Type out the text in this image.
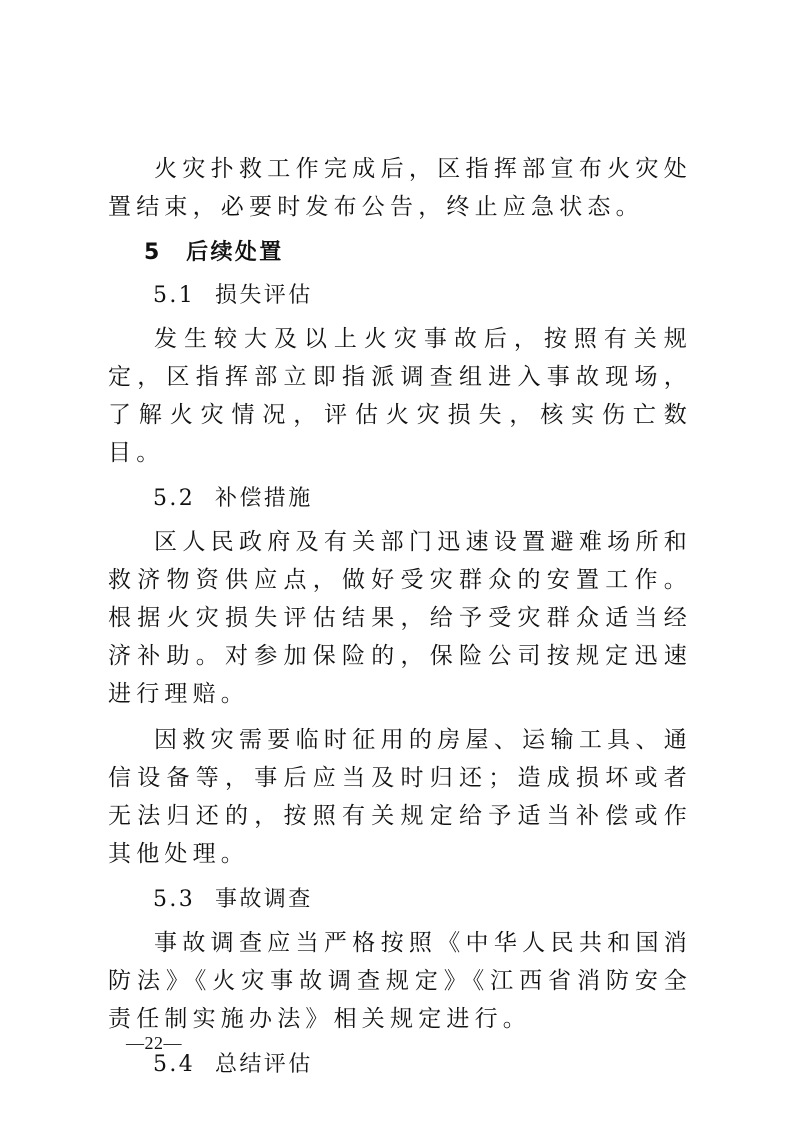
火灾扑救工作完成后，区指挥部宣布火灾处置结束，必要时发布公告，终止应急状态。

5　后续处置
5.1 损失评估

发生较大及以上火灾事故后，按照有关规定，区指挥部立即指派调查组进入事故现场，了解火灾情况，评估火灾损失，核实伤亡数目。

5.2 补偿措施

区人民政府及有关部门迅速设置避难场所和救济物资供应点，做好受灾群众的安置工作。根据火灾损失评估结果，给予受灾群众适当经济补助。对参加保险的，保险公司按规定迅速进行理赔。

因救灾需要临时征用的房屋、运输工具、通信设备等，事后应当及时归还；造成损坏或者无法归还的，按照有关规定给予适当补偿或作其他处理。

5.3 事故调查

事故调查应当严格按照《中华人民共和国消防法》《火灾事故调查规定》《江西省消防安全责任制实施办法》相关规定进行。

5.4 总结评估
—22—
